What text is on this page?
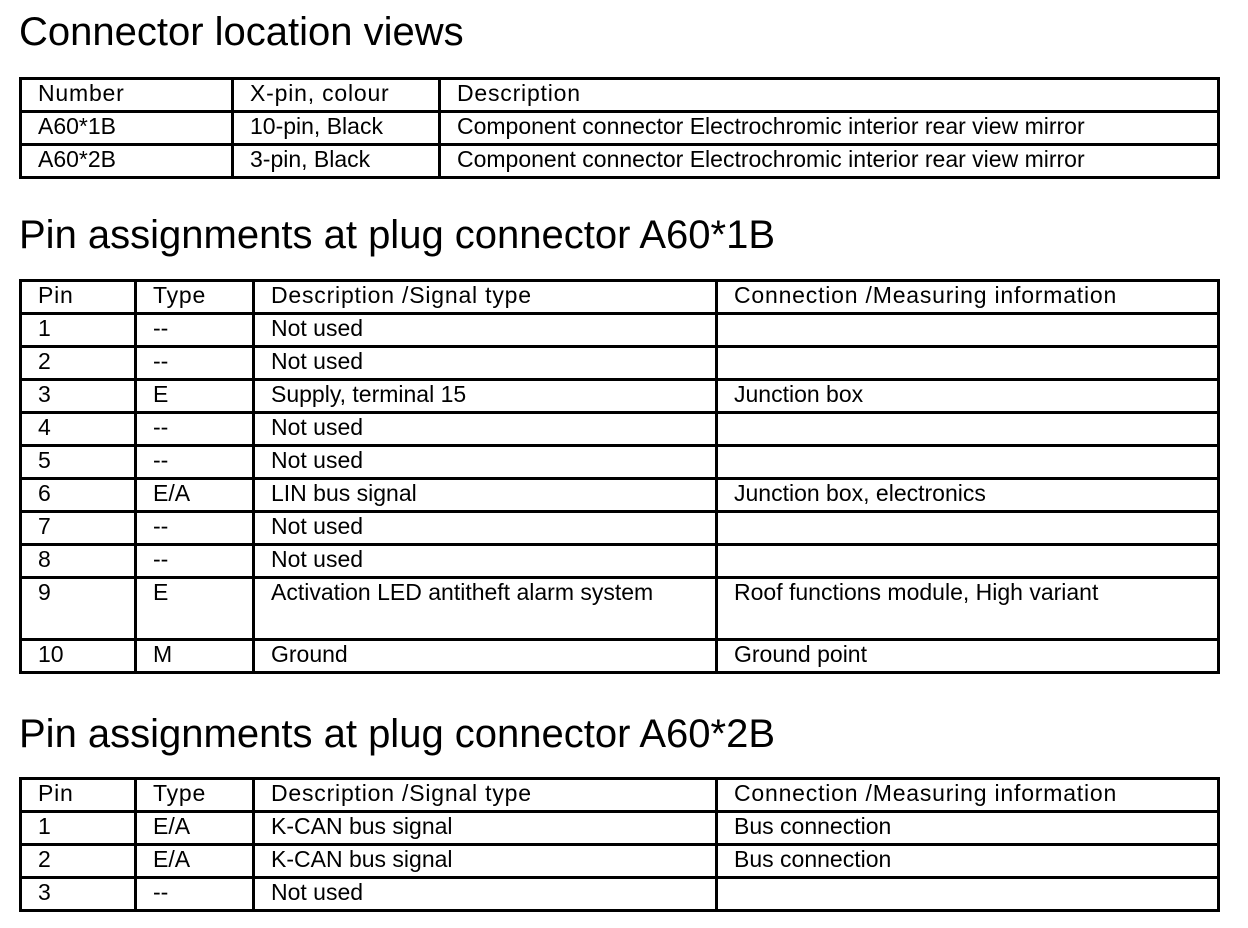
Connector location views
Number	X-pin, colour	Description
A60*1B	10-pin, Black	Component connector Electrochromic interior rear view mirror
A60*2B	3-pin, Black	Component connector Electrochromic interior rear view mirror
Pin assignments at plug connector A60*1B
Pin	Type	Description /Signal type	Connection /Measuring information
1	--	Not used	
2	--	Not used	
3	E	Supply, terminal 15	Junction box
4	--	Not used	
5	--	Not used	
6	E/A	LIN bus signal	Junction box, electronics
7	--	Not used	
8	--	Not used	
9	E	Activation LED antitheft alarm system	Roof functions module, High variant
10	M	Ground	Ground point
Pin assignments at plug connector A60*2B
Pin	Type	Description /Signal type	Connection /Measuring information
1	E/A	K-CAN bus signal	Bus connection
2	E/A	K-CAN bus signal	Bus connection
3	--	Not used	
